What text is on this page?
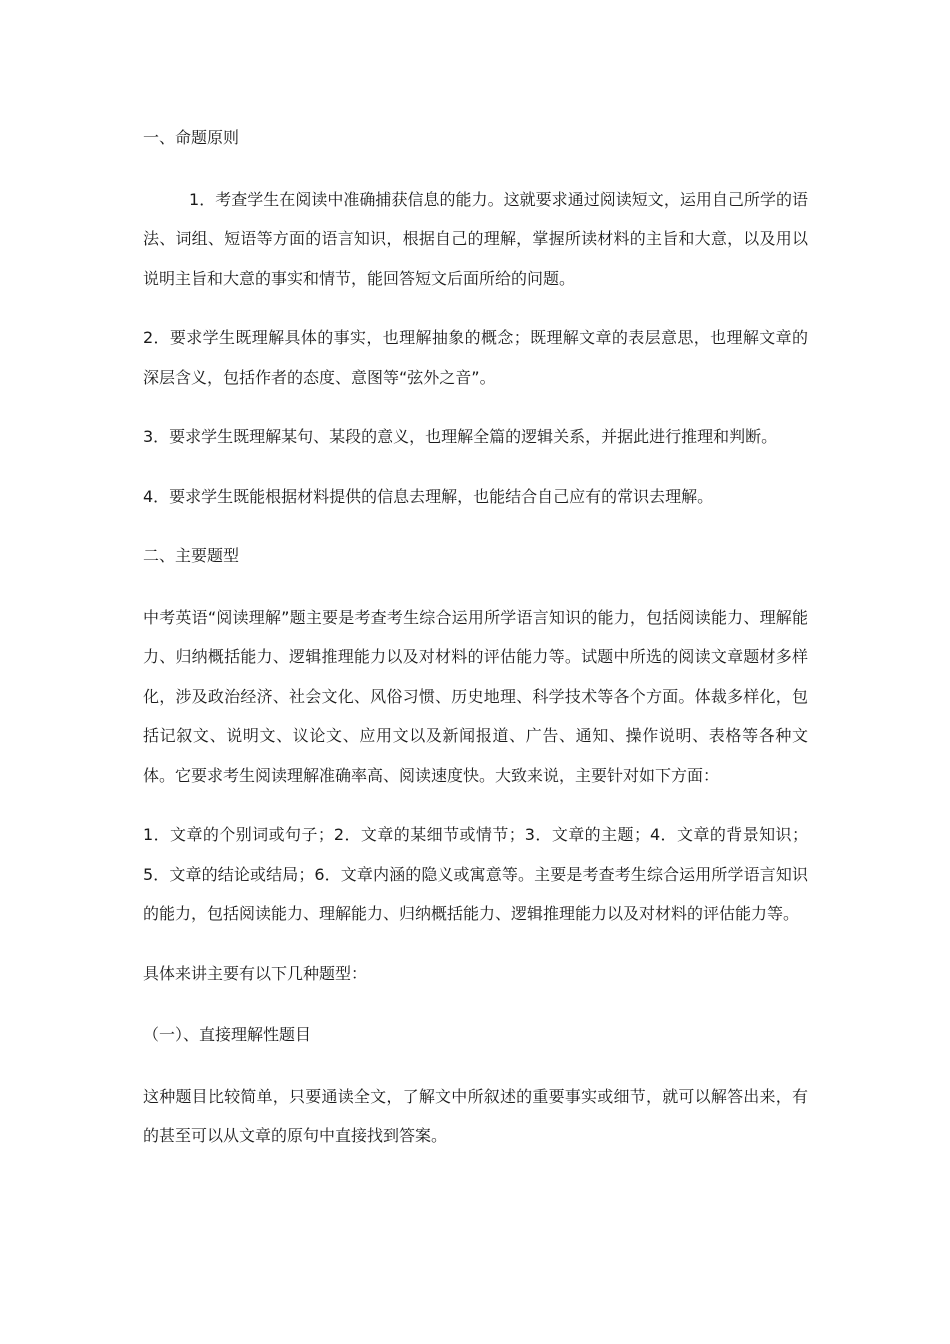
一、命题原则

1．考查学生在阅读中准确捕获信息的能力。这就要求通过阅读短文，运用自己所学的语法、词组、短语等方面的语言知识，根据自己的理解，掌握所读材料的主旨和大意，以及用以说明主旨和大意的事实和情节，能回答短文后面所给的问题。

2．要求学生既理解具体的事实，也理解抽象的概念；既理解文章的表层意思，也理解文章的深层含义，包括作者的态度、意图等“弦外之音”。

3．要求学生既理解某句、某段的意义，也理解全篇的逻辑关系，并据此进行推理和判断。

4．要求学生既能根据材料提供的信息去理解，也能结合自己应有的常识去理解。

二、主要题型

中考英语“阅读理解”题主要是考查考生综合运用所学语言知识的能力，包括阅读能力、理解能力、归纳概括能力、逻辑推理能力以及对材料的评估能力等。试题中所选的阅读文章题材多样化，涉及政治经济、社会文化、风俗习惯、历史地理、科学技术等各个方面。体裁多样化，包括记叙文、说明文、议论文、应用文以及新闻报道、广告、通知、操作说明、表格等各种文体。它要求考生阅读理解准确率高、阅读速度快。大致来说，主要针对如下方面：

1．文章的个别词或句子；2．文章的某细节或情节；3．文章的主题；4．文章的背景知识；5．文章的结论或结局；6．文章内涵的隐义或寓意等。主要是考查考生综合运用所学语言知识的能力，包括阅读能力、理解能力、归纳概括能力、逻辑推理能力以及对材料的评估能力等。

具体来讲主要有以下几种题型：

（一）、直接理解性题目

这种题目比较简单，只要通读全文，了解文中所叙述的重要事实或细节，就可以解答出来，有的甚至可以从文章的原句中直接找到答案。
